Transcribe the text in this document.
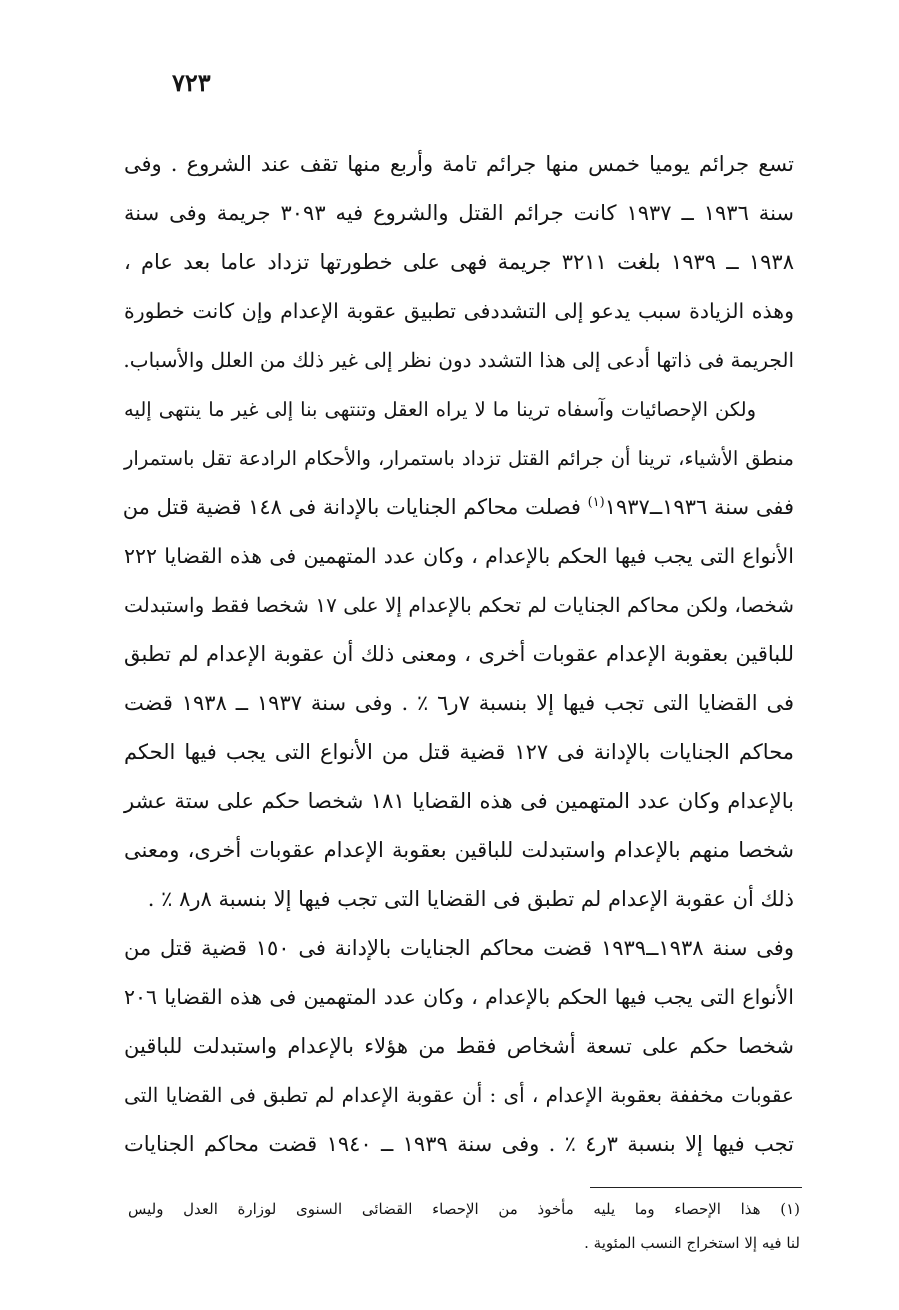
٧٢٣
تسع جرائم يوميا خمس منها جرائم تامة وأربع منها تقف عند الشروع . وفى
سنة ١٩٣٦ ــ ١٩٣٧ كانت جرائم القتل والشروع فيه ٣٠٩٣ جريمة وفى سنة
١٩٣٨ ــ ١٩٣٩ بلغت ٣٢١١ جريمة فهى على خطورتها تزداد عاما بعد عام ،
وهذه الزيادة سبب يدعو إلى التشددفى تطبيق عقوبة الإعدام وإن كانت خطورة
الجريمة فى ذاتها أدعى إلى هذا التشدد دون نظر إلى غير ذلك من العلل والأسباب.
ولكن الإحصائيات وآسفاه ترينا ما لا يراه العقل وتنتهى بنا إلى غير ما ينتهى إليه
منطق الأشياء، ترينا أن جرائم القتل تزداد باستمرار، والأحكام الرادعة تقل باستمرار
ففى سنة ١٩٣٦ــ١٩٣٧$^{(١)}$ فصلت محاكم الجنايات بالإدانة فى ١٤٨ قضية قتل من
الأنواع التى يجب فيها الحكم بالإعدام ، وكان عدد المتهمين فى هذه القضايا ٢٢٢
شخصا، ولكن محاكم الجنايات لم تحكم بالإعدام إلا على ١٧ شخصا فقط واستبدلت
للباقين بعقوبة الإعدام عقوبات أخرى ، ومعنى ذلك أن عقوبة الإعدام لم تطبق
فى القضايا التى تجب فيها إلا بنسبة ٧ر٦ ٪ . وفى سنة ١٩٣٧ ــ ١٩٣٨ قضت
محاكم الجنايات بالإدانة فى ١٢٧ قضية قتل من الأنواع التى يجب فيها الحكم
بالإعدام وكان عدد المتهمين فى هذه القضايا ١٨١ شخصا حكم على ستة عشر
شخصا منهم بالإعدام واستبدلت للباقين بعقوبة الإعدام عقوبات أخرى، ومعنى
ذلك أن عقوبة الإعدام لم تطبق فى القضايا التى تجب فيها إلا بنسبة ٨ر٨ ٪ .
وفى سنة ١٩٣٨ــ١٩٣٩ قضت محاكم الجنايات بالإدانة فى ١٥٠ قضية قتل من
الأنواع التى يجب فيها الحكم بالإعدام ، وكان عدد المتهمين فى هذه القضايا ٢٠٦
شخصا حكم على تسعة أشخاص فقط من هؤلاء بالإعدام واستبدلت للباقين
عقوبات مخففة بعقوبة الإعدام ، أى : أن عقوبة الإعدام لم تطبق فى القضايا التى
تجب فيها إلا بنسبة ٣ر٤ ٪ . وفى سنة ١٩٣٩ ــ ١٩٤٠ قضت محاكم الجنايات
(١) هذا الإحصاء وما يليه مأخوذ من الإحصاء القضائى السنوى لوزارة العدل وليس
لنا فيه إلا استخراج النسب المئوية .
